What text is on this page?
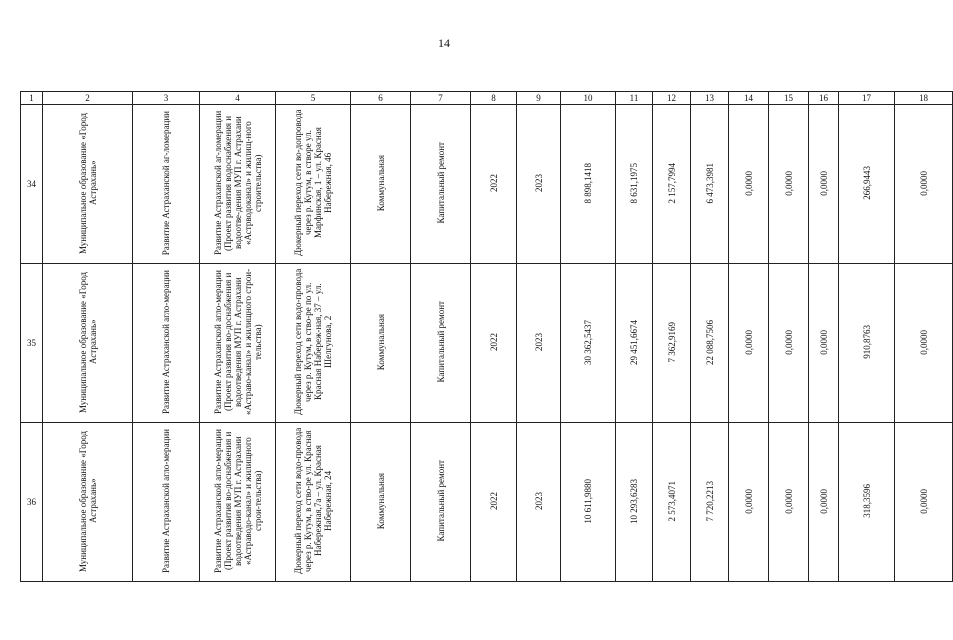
14
1	2	3	4	5	6	7	8	9	10	11	12	13	14	15	16	17	18
34	Муниципальное образование «Город Астрахань»	Развитие Астраханской аг-ломерации	Развитие Астраханской аг-ломерации (Проект развития водоснабжения и водоотве-дения МУП г. Астрахани «Астрводоканал» и жилищ-ного строительства)	Дюкерный переход сети во-допровода через р. Кутум, в створе ул. Марфинская, 1 – ул. Красная Набережная, 46	Коммунальная	Капитальный ремонт	2022	2023	8 898,1418	8 631,1975	2 157,7994	6 473,3981	0,0000	0,0000	0,0000	266,9443	0,0000
35	Муниципальное образование «Город Астрахань»	Развитие Астраханской агло-мерации	Развитие Астраханской агло-мерации (Проект развития во-доснабжения и водоотведения МУП г. Астрахани «Астраво-канал» и жилищного строи-тельства)	Дюкерный переход сети водо-провода через р. Кутум, в ство-ре по ул. Красная Набереж-ная, 37 – ул. Шелгунова, 2	Коммунальная	Капитальный ремонт	2022	2023	30 362,5437	29 451,6674	7 362,9169	22 088,7506	0,0000	0,0000	0,0000	910,8763	0,0000
36	Муниципальное образование «Город Астрахань»	Развитие Астраханской агло-мерации	Развитие Астраханской агло-мерации (Проект развития во-доснабжения и водоотведения МУП г. Астрахани «Астраводо-канал» и жилищного строи-тельства)	Дюкерный переход сети водо-провода через р. Кутум, в ство-ре ул. Красная Набережная,7а – ул. Красная Набережная, 24	Коммунальная	Капитальный ремонт	2022	2023	10 611,9880	10 293,6283	2 573,4071	7 720,2213	0,0000	0,0000	0,0000	318,3596	0,0000
